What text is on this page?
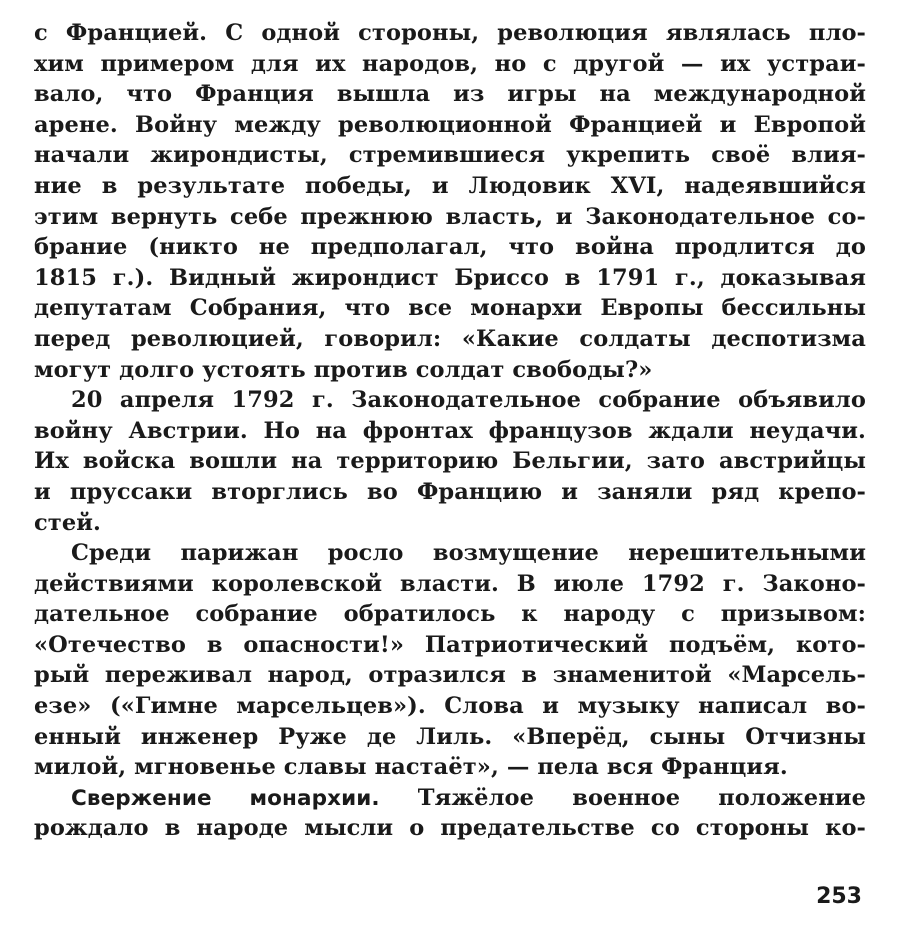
с Францией. С одной стороны, революция являлась пло-
хим примером для их народов, но с другой — их устраи-
вало, что Франция вышла из игры на международной
арене. Войну между революционной Францией и Европой
начали жирондисты, стремившиеся укрепить своё влия-
ние в результате победы, и Людовик XVI, надеявшийся
этим вернуть себе прежнюю власть, и Законодательное со-
брание (никто не предполагал, что война продлится до
1815 г.). Видный жирондист Бриссо в 1791 г., доказывая
депутатам Собрания, что все монархи Европы бессильны
перед революцией, говорил: «Какие солдаты деспотизма
могут долго устоять против солдат свободы?»
20 апреля 1792 г. Законодательное собрание объявило
войну Австрии. Но на фронтах французов ждали неудачи.
Их войска вошли на территорию Бельгии, зато австрийцы
и пруссаки вторглись во Францию и заняли ряд крепо-
стей.
Среди парижан росло возмущение нерешительными
действиями королевской власти. В июле 1792 г. Законо-
дательное собрание обратилось к народу с призывом:
«Отечество в опасности!» Патриотический подъём, кото-
рый переживал народ, отразился в знаменитой «Марсель-
езе» («Гимне марсельцев»). Слова и музыку написал во-
енный инженер Руже де Лиль. «Вперёд, сыны Отчизны
милой, мгновенье славы настаёт», — пела вся Франция.
Свержение монархии. Тяжёлое военное положение
рождало в народе мысли о предательстве со стороны ко-
253
